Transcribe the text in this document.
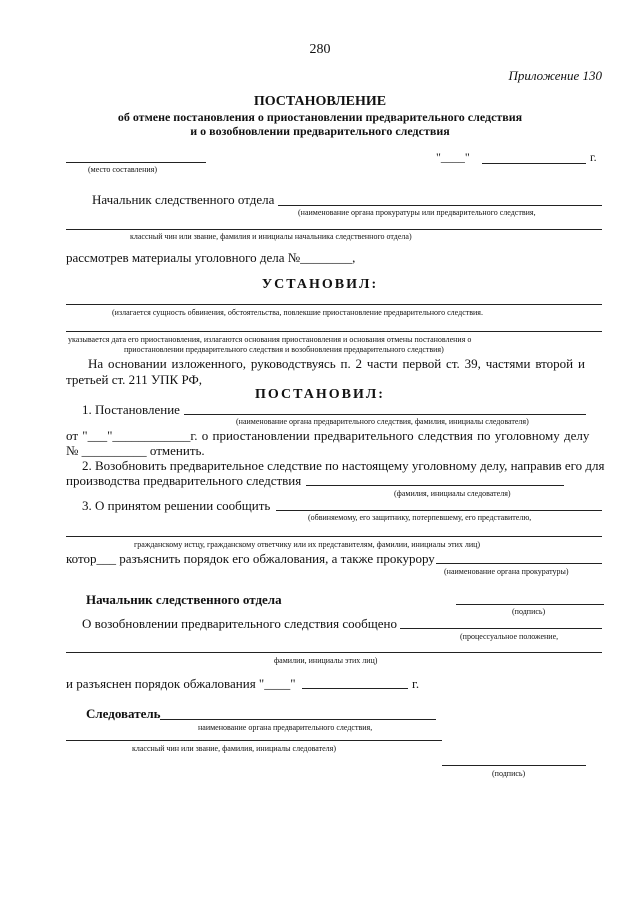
280
Приложение 130
ПОСТАНОВЛЕНИЕ
об отмене постановления о приостановлении предварительного следствия
и о возобновлении предварительного следствия
(место составления)
"____"	г.
Начальник следственного отдела
(наименование органа прокуратуры или предварительного следствия,
классный чин или звание, фамилия и инициалы начальника следственного отдела)
рассмотрев материалы уголовного дела №________,
УСТАНОВИЛ:
(излагается сущность обвинения, обстоятельства, повлекшие приостановление предварительного следствия.
указывается дата его приостановления, излагаются основания приостановления и основания отмены постановления о
приостановлении предварительного следствия и возобновления предварительного следствия)
На основании изложенного, руководствуясь п. 2 части первой ст. 39, частями второй и
третьей ст. 211 УПК РФ,
ПОСТАНОВИЛ:
1. Постановление
(наименование органа предварительного следствия, фамилия, инициалы следователя)
от "___"____________г. о приостановлении предварительного следствия по уголовному делу
№ __________ отменить.
2. Возобновить предварительное следствие по настоящему уголовному делу, направив его для
производства предварительного следствия
(фамилия, инициалы следователя)
3. О принятом решении сообщить
(обвиняемому, его защитнику, потерпевшему, его представителю,
гражданскому истцу, гражданскому ответчику или их представителям, фамилии, инициалы этих лиц)
котор___ разъяснить порядок его обжалования, а также прокурору
(наименование органа прокуратуры)
Начальник следственного отдела
(подпись)
О возобновлении предварительного следствия сообщено
(процессуальное положение,
фамилии, инициалы этих лиц)
и разъяснен порядок обжалования "____"	г.
Следователь
наименование органа предварительного следствия,
классный чин или звание, фамилия, инициалы следователя)
(подпись)
